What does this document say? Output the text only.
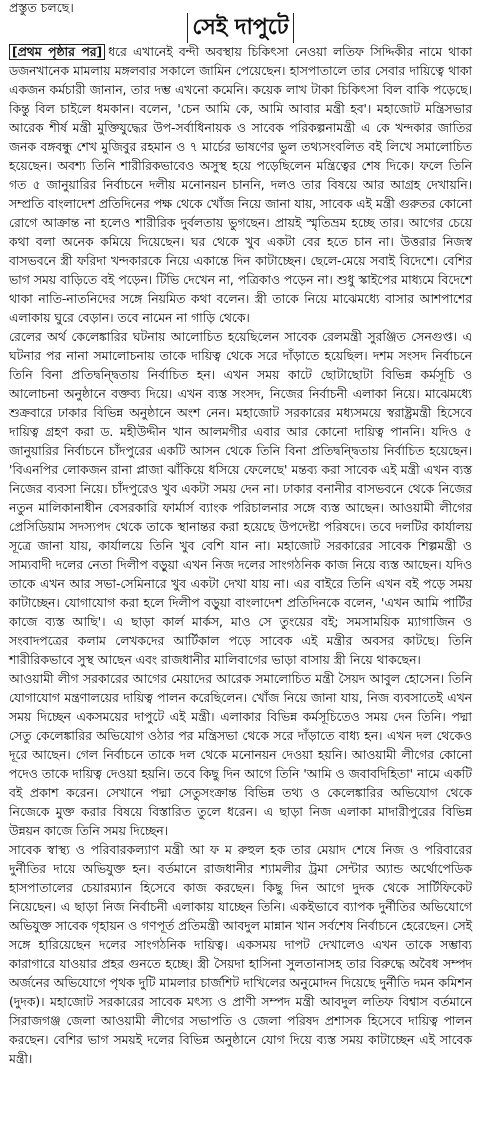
প্রস্তুত চলছে।
সেই দাপুটে

[প্রথম পৃষ্ঠার পর] ধরে এখানেই বন্দী অবস্থায় চিকিৎসা নেওয়া লতিফ সিদ্দিকীর নামে থাকা ডজনখানেক মামলায় মঙ্গলবার সকালে জামিন পেয়েছেন। হাসপাতালে তার সেবার দায়িত্বে থাকা একজন কর্মচারী জানান, তার দম্ভ এখনো কমেনি। কয়েক লাখ টাকা চিকিৎসা বিল বাকি পড়েছে। কিন্তু বিল চাইলে ধমকান। বলেন, 'চেন আমি কে, আমি আবার মন্ত্রী হব'। মহাজোট মন্ত্রিসভার আরেক শীর্ষ মন্ত্রী মুক্তিযুদ্ধের উপ-সর্বাধিনায়ক ও সাবেক পরিকল্পনামন্ত্রী এ কে খন্দকার জাতির জনক বঙ্গবন্ধু শেখ মুজিবুর রহমান ও ৭ মার্চের ভাষণের ভুল তথ্যসংবলিত বই লিখে সমালোচিত হয়েছেন। অবশ্য তিনি শারীরিকভাবেও অসুস্থ হয়ে পড়েছিলেন মন্ত্রিত্বের শেষ দিকে। ফলে তিনি গত ৫ জানুয়ারির নির্বাচনে দলীয় মনোনয়ন চাননি, দলও তার বিষয়ে আর আগ্রহ দেখায়নি। সম্প্রতি বাংলাদেশ প্রতিদিনের পক্ষ থেকে খোঁজ নিয়ে জানা যায়, সাবেক এই মন্ত্রী গুরুতর কোনো রোগে আক্রান্ত না হলেও শারীরিক দুর্বলতায় ভুগছেন। প্রায়ই স্মৃতিভ্রম হচ্ছে তার। আগের চেয়ে কথা বলা অনেক কমিয়ে দিয়েছেন। ঘর থেকে খুব একটা বের হতে চান না। উত্তরার নিজস্ব বাসভবনে স্ত্রী ফরিদা খন্দকারকে নিয়ে একান্তে দিন কাটাচ্ছেন। ছেলে-মেয়ে সবাই বিদেশে। বেশির ভাগ সময় বাড়িতে বই পড়েন। টিভি দেখেন না, পত্রিকাও পড়েন না। শুধু স্কাইপের মাধ্যমে বিদেশে থাকা নাতি-নাতনিদের সঙ্গে নিয়মিত কথা বলেন। স্ত্রী তাকে নিয়ে মাঝেমধ্যে বাসার আশপাশের এলাকায় ঘুরে বেড়ান। তবে নামেন না গাড়ি থেকে।

রেলের অর্থ কেলেঙ্কারির ঘটনায় আলোচিত হয়েছিলেন সাবেক রেলমন্ত্রী সুরঞ্জিত সেনগুপ্ত। এ ঘটনার পর নানা সমালোচনায় তাকে দায়িত্ব থেকে সরে দাঁড়াতে হয়েছিল। দশম সংসদ নির্বাচনে তিনি বিনা প্রতিদ্বন্দ্বিতায় নির্বাচিত হন। এখন সময় কাটে ছোটাছোটা বিভিন্ন কর্মসূচি ও আলোচনা অনুষ্ঠানে বক্তব্য দিয়ে। এখন ব্যস্ত সংসদ, নিজের নির্বাচনী এলাকা নিয়ে। মাঝেমধ্যে শুক্রবারে ঢাকার বিভিন্ন অনুষ্ঠানে অংশ নেন। মহাজোট সরকারের মধ্যসময়ে স্বরাষ্ট্রমন্ত্রী হিসেবে দায়িত্ব গ্রহণ করা ড. মহীউদ্দীন খান আলমগীর এবার আর কোনো দায়িত্ব পাননি। যদিও ৫ জানুয়ারির নির্বাচনে চাঁদপুরের একটি আসন থেকে তিনি বিনা প্রতিদ্বন্দ্বিতায় নির্বাচিত হয়েছেন। 'বিএনপির লোকজন রানা প্লাজা ঝাঁকিয়ে ধসিয়ে ফেলেছে' মন্তব্য করা সাবেক এই মন্ত্রী এখন ব্যস্ত নিজের ব্যবসা নিয়ে। চাঁদপুরেও খুব একটা সময় দেন না। ঢাকার বনানীর বাসভবনে থেকে নিজের নতুন মালিকানাধীন বেসরকারি ফার্মার্স ব্যাংক পরিচালনার সঙ্গে ব্যস্ত আছেন। আওয়ামী লীগের প্রেসিডিয়াম সদস্যপদ থেকে তাকে স্থানান্তর করা হয়েছে উপদেষ্টা পরিষদে। তবে দলটির কার্যালয় সূত্রে জানা যায়, কার্যালয়ে তিনি খুব বেশি যান না। মহাজোট সরকারের সাবেক শিল্পমন্ত্রী ও সাম্যবাদী দলের নেতা দিলীপ বড়ুয়া এখন নিজ দলের সাংগঠনিক কাজ নিয়ে ব্যস্ত আছেন। যদিও তাকে এখন আর সভা-সেমিনারে খুব একটা দেখা যায় না। এর বাইরে তিনি এখন বই পড়ে সময় কাটাচ্ছেন। যোগাযোগ করা হলে দিলীপ বড়ুয়া বাংলাদেশ প্রতিদিনকে বলেন, 'এখন আমি পার্টির কাজে ব্যস্ত আছি'। এ ছাড়া কার্ল মার্কস, মাও সে তুংয়ের বই; সমসাময়িক ম্যাগাজিন ও সংবাদপত্রের কলাম লেখকদের আর্টিকাল পড়ে সাবেক এই মন্ত্রীর অবসর কাটছে। তিনি শারীরিকভাবে সুস্থ আছেন এবং রাজধানীর মালিবাগের ভাড়া বাসায় স্ত্রী নিয়ে থাকছেন।

আওয়ামী লীগ সরকারের আগের মেয়াদের আরেক সমালোচিত মন্ত্রী সৈয়দ আবুল হোসেন। তিনি যোগাযোগ মন্ত্রণালয়ের দায়িত্ব পালন করেছিলেন। খোঁজ নিয়ে জানা যায়, নিজ ব্যবসাতেই এখন সময় দিচ্ছেন একসময়ের দাপুটে এই মন্ত্রী। এলাকার বিভিন্ন কর্মসূচিতেও সময় দেন তিনি। পদ্মা সেতু কেলেঙ্কারির অভিযোগ ওঠার পর মন্ত্রিসভা থেকে সরে দাঁড়াতে বাধ্য হন। এখন দল থেকেও দূরে আছেন। গেল নির্বাচনে তাকে দল থেকে মনোনয়ন দেওয়া হয়নি। আওয়ামী লীগের কোনো পদেও তাকে দায়িত্ব দেওয়া হয়নি। তবে কিছু দিন আগে তিনি 'আমি ও জবাবদিহিতা' নামে একটি বই প্রকাশ করেন। সেখানে পদ্মা সেতুসংক্রান্ত বিভিন্ন তথ্য ও কেলেঙ্কারির অভিযোগ থেকে নিজেকে মুক্ত করার বিষয়ে বিস্তারিত তুলে ধরেন। এ ছাড়া নিজ এলাকা মাদারীপুরের বিভিন্ন উন্নয়ন কাজে তিনি সময় দিচ্ছেন।

সাবেক স্বাস্থ্য ও পরিবারকল্যাণ মন্ত্রী আ ফ ম রুহুল হক তার মেয়াদ শেষে নিজ ও পরিবারের দুর্নীতির দায়ে অভিযুক্ত হন। বর্তমানে রাজধানীর শ্যামলীর ট্রমা সেন্টার অ্যান্ড অর্থোপেডিক হাসপাতালের চেয়ারম্যান হিসেবে কাজ করছেন। কিছু দিন আগে দুদক থেকে সার্টিফিকেট নিয়েছেন। এ ছাড়া নিজ নির্বাচনী এলাকায় যাচ্ছেন তিনি। একইভাবে ব্যাপক দুর্নীতির অভিযোগে অভিযুক্ত সাবেক গৃহায়ন ও গণপূর্ত প্রতিমন্ত্রী আবদুল মান্নান খান সর্বশেষ নির্বাচনে হেরেছেন। সেই সঙ্গে হারিয়েছেন দলের সাংগঠনিক দায়িত্ব। একসময় দাপট দেখালেও এখন তাকে সম্ভাব্য কারাগারে যাওয়ার প্রহর গুনতে হচ্ছে। স্ত্রী সৈয়দা হাসিনা সুলতানাসহ তার বিরুদ্ধে অবৈধ সম্পদ অর্জনের অভিযোগে পৃথক দুটি মামলার চার্জশিট দাখিলের অনুমোদন দিয়েছে দুর্নীতি দমন কমিশন (দুদক)। মহাজোট সরকারের সাবেক মৎস্য ও প্রাণী সম্পদ মন্ত্রী আবদুল লতিফ বিশ্বাস বর্তমানে সিরাজগঞ্জ জেলা আওয়ামী লীগের সভাপতি ও জেলা পরিষদ প্রশাসক হিসেবে দায়িত্ব পালন করছেন। বেশির ভাগ সময়ই দলের বিভিন্ন অনুষ্ঠানে যোগ দিয়ে ব্যস্ত সময় কাটাচ্ছেন এই সাবেক মন্ত্রী।
